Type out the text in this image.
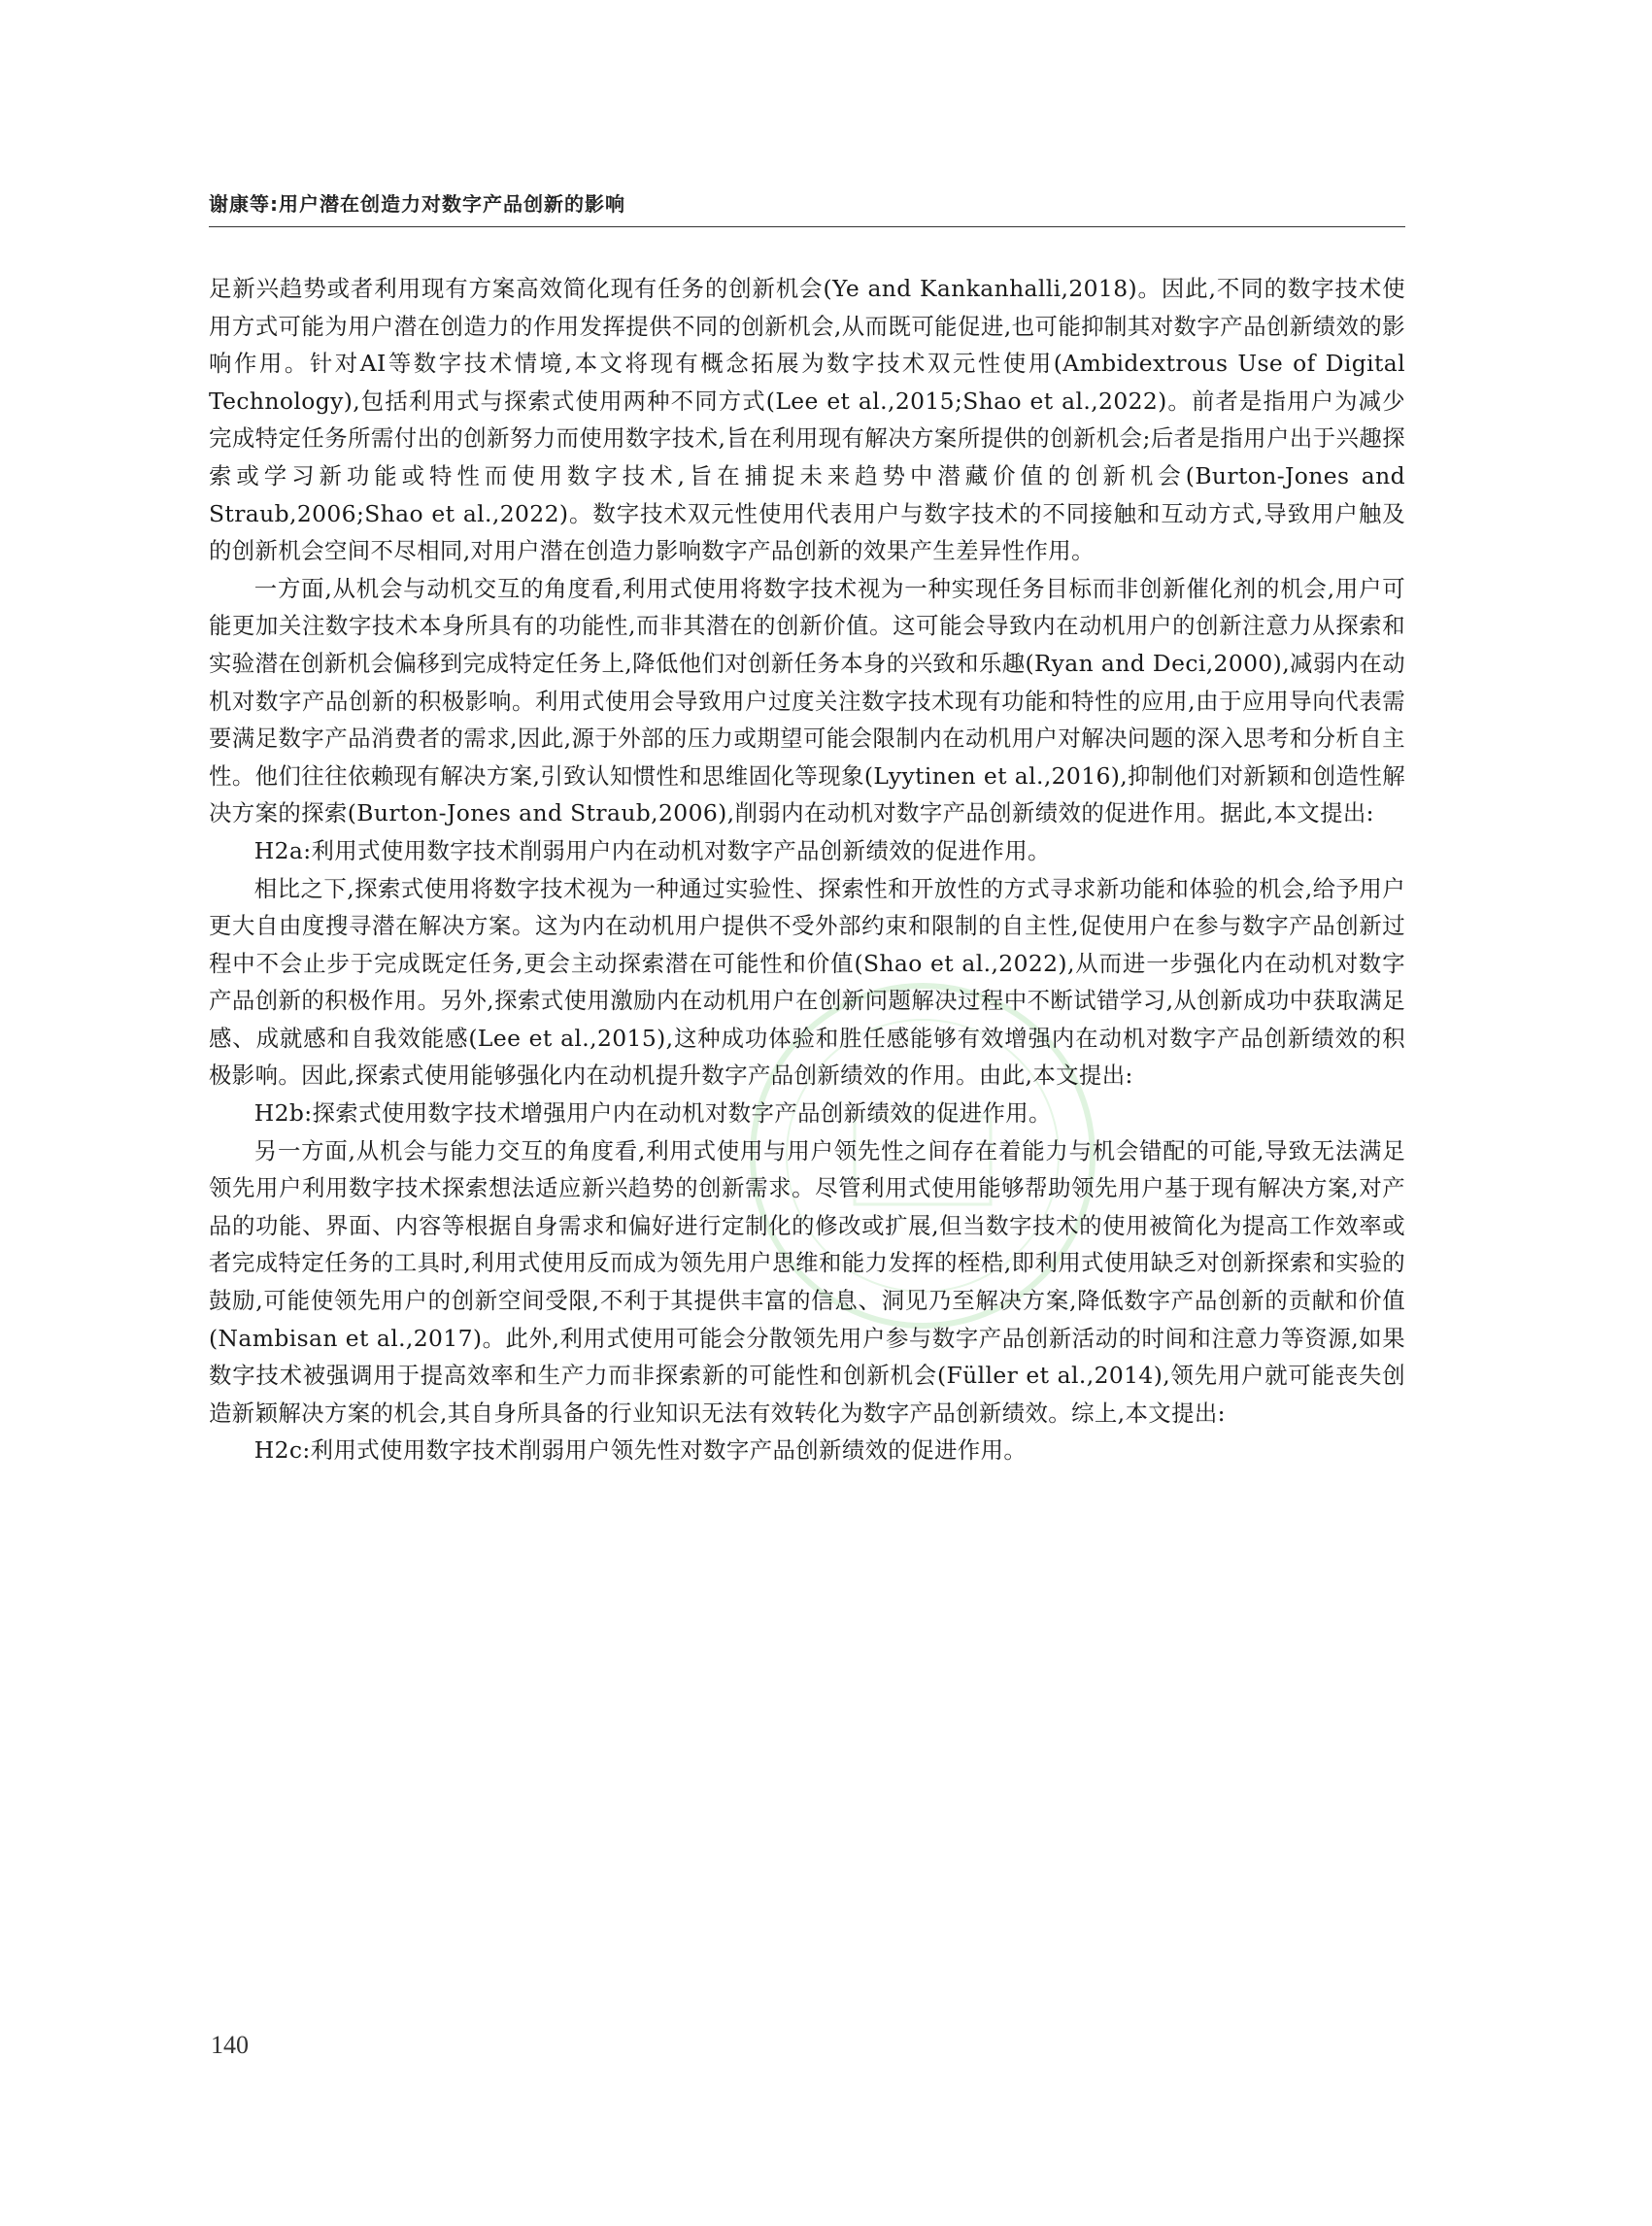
谢康等:用户潜在创造力对数字产品创新的影响

足新兴趋势或者利用现有方案高效简化现有任务的创新机会(Ye and Kankanhalli,2018)。因此,不同的数字技术使用方式可能为用户潜在创造力的作用发挥提供不同的创新机会,从而既可能促进,也可能抑制其对数字产品创新绩效的影响作用。针对AI等数字技术情境,本文将现有概念拓展为数字技术双元性使用(Ambidextrous Use of Digital Technology),包括利用式与探索式使用两种不同方式(Lee et al.,2015;Shao et al.,2022)。前者是指用户为减少完成特定任务所需付出的创新努力而使用数字技术,旨在利用现有解决方案所提供的创新机会;后者是指用户出于兴趣探索或学习新功能或特性而使用数字技术,旨在捕捉未来趋势中潜藏价值的创新机会(Burton-Jones and Straub,2006;Shao et al.,2022)。数字技术双元性使用代表用户与数字技术的不同接触和互动方式,导致用户触及的创新机会空间不尽相同,对用户潜在创造力影响数字产品创新的效果产生差异性作用。

一方面,从机会与动机交互的角度看,利用式使用将数字技术视为一种实现任务目标而非创新催化剂的机会,用户可能更加关注数字技术本身所具有的功能性,而非其潜在的创新价值。这可能会导致内在动机用户的创新注意力从探索和实验潜在创新机会偏移到完成特定任务上,降低他们对创新任务本身的兴致和乐趣(Ryan and Deci,2000),减弱内在动机对数字产品创新的积极影响。利用式使用会导致用户过度关注数字技术现有功能和特性的应用,由于应用导向代表需要满足数字产品消费者的需求,因此,源于外部的压力或期望可能会限制内在动机用户对解决问题的深入思考和分析自主性。他们往往依赖现有解决方案,引致认知惯性和思维固化等现象(Lyytinen et al.,2016),抑制他们对新颖和创造性解决方案的探索(Burton-Jones and Straub,2006),削弱内在动机对数字产品创新绩效的促进作用。据此,本文提出:

H2a:利用式使用数字技术削弱用户内在动机对数字产品创新绩效的促进作用。

相比之下,探索式使用将数字技术视为一种通过实验性、探索性和开放性的方式寻求新功能和体验的机会,给予用户更大自由度搜寻潜在解决方案。这为内在动机用户提供不受外部约束和限制的自主性,促使用户在参与数字产品创新过程中不会止步于完成既定任务,更会主动探索潜在可能性和价值(Shao et al.,2022),从而进一步强化内在动机对数字产品创新的积极作用。另外,探索式使用激励内在动机用户在创新问题解决过程中不断试错学习,从创新成功中获取满足感、成就感和自我效能感(Lee et al.,2015),这种成功体验和胜任感能够有效增强内在动机对数字产品创新绩效的积极影响。因此,探索式使用能够强化内在动机提升数字产品创新绩效的作用。由此,本文提出:

H2b:探索式使用数字技术增强用户内在动机对数字产品创新绩效的促进作用。

另一方面,从机会与能力交互的角度看,利用式使用与用户领先性之间存在着能力与机会错配的可能,导致无法满足领先用户利用数字技术探索想法适应新兴趋势的创新需求。尽管利用式使用能够帮助领先用户基于现有解决方案,对产品的功能、界面、内容等根据自身需求和偏好进行定制化的修改或扩展,但当数字技术的使用被简化为提高工作效率或者完成特定任务的工具时,利用式使用反而成为领先用户思维和能力发挥的桎梏,即利用式使用缺乏对创新探索和实验的鼓励,可能使领先用户的创新空间受限,不利于其提供丰富的信息、洞见乃至解决方案,降低数字产品创新的贡献和价值(Nambisan et al.,2017)。此外,利用式使用可能会分散领先用户参与数字产品创新活动的时间和注意力等资源,如果数字技术被强调用于提高效率和生产力而非探索新的可能性和创新机会(Füller et al.,2014),领先用户就可能丧失创造新颖解决方案的机会,其自身所具备的行业知识无法有效转化为数字产品创新绩效。综上,本文提出:

H2c:利用式使用数字技术削弱用户领先性对数字产品创新绩效的促进作用。

140
